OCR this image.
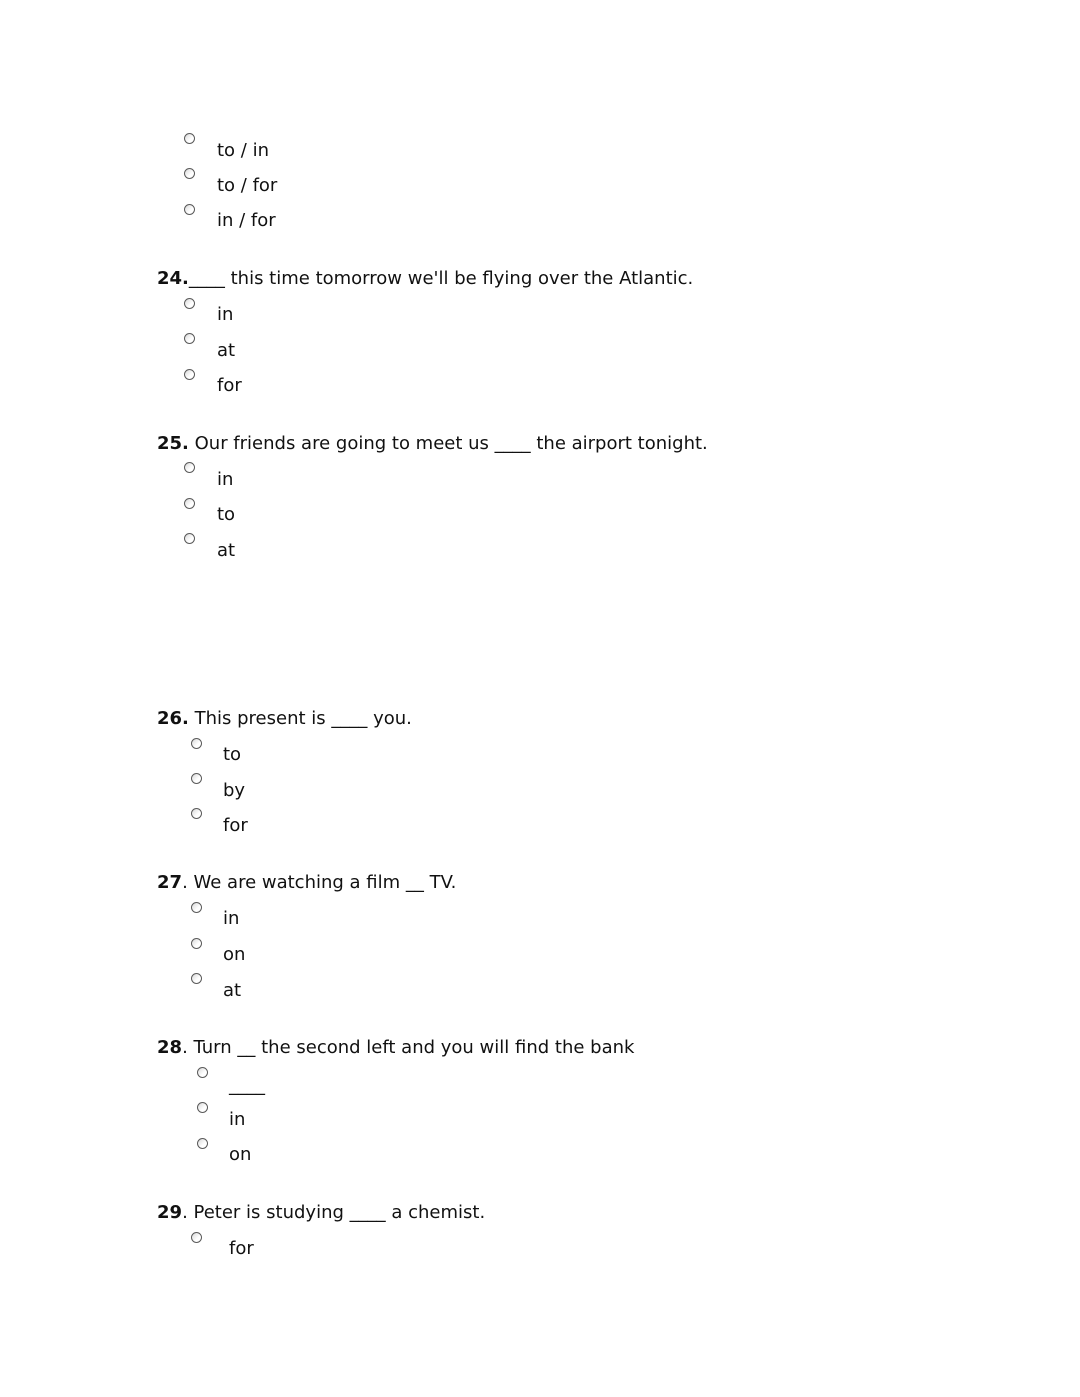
to / in
to / for
in / for
24.____ this time tomorrow we'll be flying over the Atlantic.
in
at
for
25. Our friends are going to meet us ____ the airport tonight.
in
to
at
26. This present is ____ you.
to
by
for
27. We are watching a film __ TV.
in
on
at
28. Turn __ the second left and you will find the bank
____
in
on
29. Peter is studying ____ a chemist.
for
